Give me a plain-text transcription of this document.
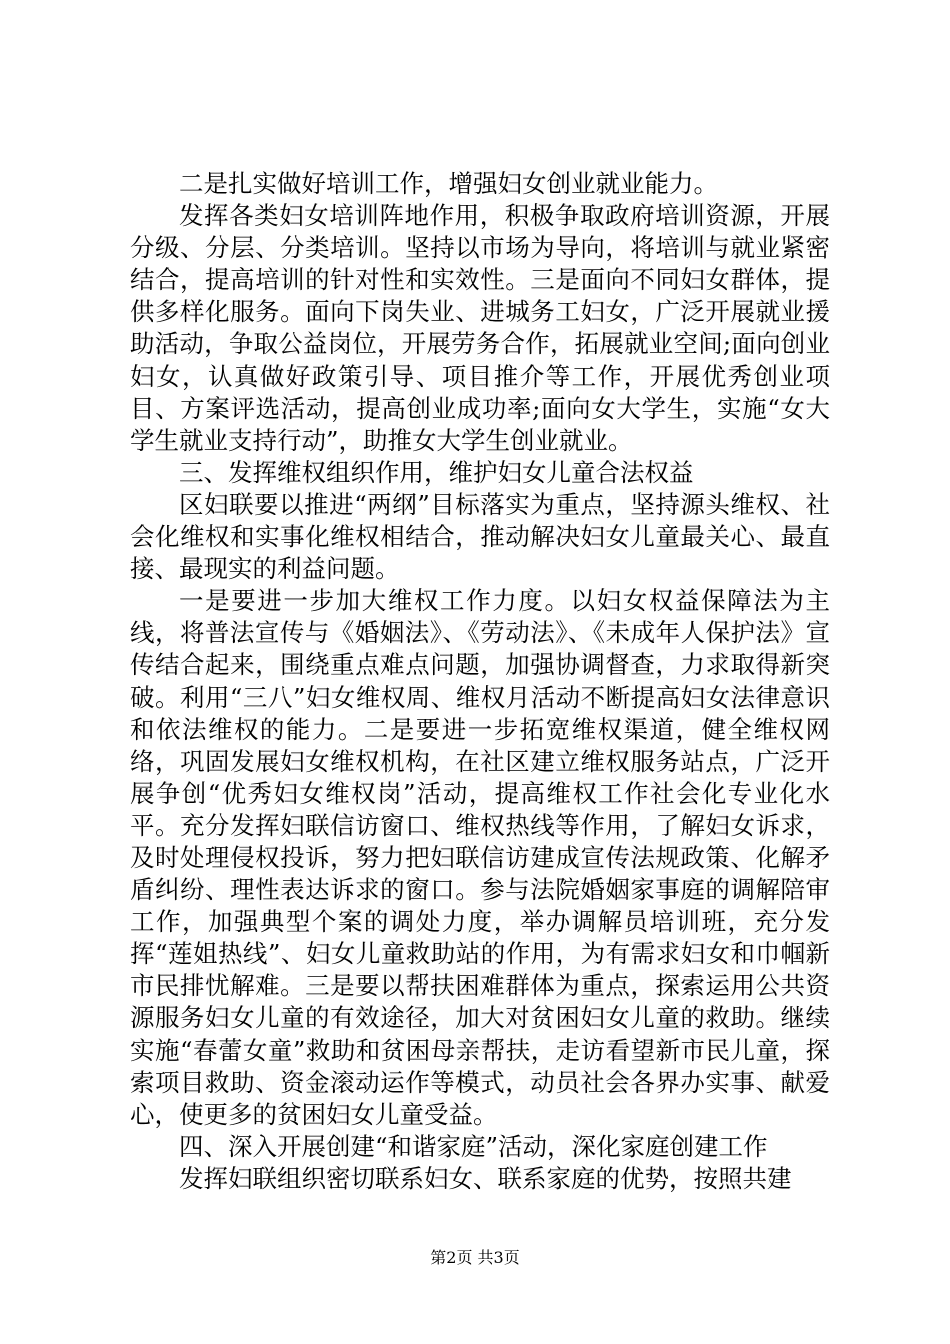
二是扎实做好培训工作，增强妇女创业就业能力。

发挥各类妇女培训阵地作用，积极争取政府培训资源，开展分级、分层、分类培训。坚持以市场为导向，将培训与就业紧密结合，提高培训的针对性和实效性。三是面向不同妇女群体，提供多样化服务。面向下岗失业、进城务工妇女，广泛开展就业援助活动，争取公益岗位，开展劳务合作，拓展就业空间;面向创业妇女，认真做好政策引导、项目推介等工作，开展优秀创业项目、方案评选活动，提高创业成功率;面向女大学生，实施“女大学生就业支持行动”，助推女大学生创业就业。

三、发挥维权组织作用，维护妇女儿童合法权益

区妇联要以推进“两纲”目标落实为重点，坚持源头维权、社会化维权和实事化维权相结合，推动解决妇女儿童最关心、最直接、最现实的利益问题。

一是要进一步加大维权工作力度。以妇女权益保障法为主线，将普法宣传与《婚姻法》、《劳动法》、《未成年人保护法》宣传结合起来，围绕重点难点问题，加强协调督查，力求取得新突破。利用“三八”妇女维权周、维权月活动不断提高妇女法律意识和依法维权的能力。二是要进一步拓宽维权渠道，健全维权网络，巩固发展妇女维权机构，在社区建立维权服务站点，广泛开展争创“优秀妇女维权岗”活动，提高维权工作社会化专业化水平。充分发挥妇联信访窗口、维权热线等作用，了解妇女诉求，及时处理侵权投诉，努力把妇联信访建成宣传法规政策、化解矛盾纠纷、理性表达诉求的窗口。参与法院婚姻家事庭的调解陪审工作，加强典型个案的调处力度，举办调解员培训班，充分发挥“莲姐热线”、妇女儿童救助站的作用，为有需求妇女和巾帼新市民排忧解难。三是要以帮扶困难群体为重点，探索运用公共资源服务妇女儿童的有效途径，加大对贫困妇女儿童的救助。继续实施“春蕾女童”救助和贫困母亲帮扶，走访看望新市民儿童，探索项目救助、资金滚动运作等模式，动员社会各界办实事、献爱心，使更多的贫困妇女儿童受益。

四、深入开展创建“和谐家庭”活动，深化家庭创建工作

发挥妇联组织密切联系妇女、联系家庭的优势，按照共建

第2页 共3页
